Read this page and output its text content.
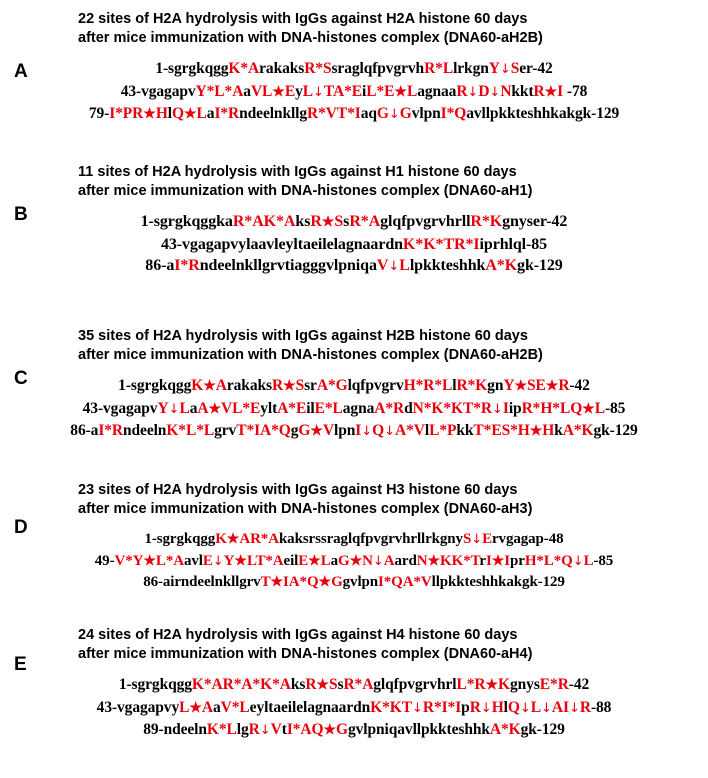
22 sites of H2A hydrolysis with IgGs against H2A histone 60 days
after mice immunization with DNA-histones complex (DNA60-aH2B)
1-sgrgkqggK*ArakaksR*SsraglqfpvgrvhR*LlrkgnY↓Ser-42
43-vgagapvY*L*AaVL★EyL↓TA*EiL*E★LagnaaR↓D↓NkktR★I -78
79-I*PR★HlQ★LaI*RndeelnkllgR*VT*IaqG↓GvlpnI*Qavllpkkteshhkakgk-129
A
11 sites of H2A hydrolysis with IgGs against H1 histone 60 days
after mice immunization with DNA-histones complex (DNA60-aH1)
1-sgrgkqggkaR*AK*AksR★SsR*AglqfpvgrvhrllR*Kgnyser-42
43-vgagapvylaavleyltaeilelagnaardnK*K*TR*Iiprhlql-85
86-aI*RndeelnkllgrvtiagggvlpniqaV↓LlpkkteshhkA*Kgk-129
B
35 sites of H2A hydrolysis with IgGs against H2B histone 60 days
after mice immunization with DNA-histones complex (DNA60-aH2B)
1-sgrgkqggK★ArakaksR★SsrA*GlqfpvgrvH*R*LlR*KgnY★SE★R-42
43-vgagapvY↓LaA★VL*EyltA*EilE*LagnaA*RdN*K*KT*R↓IipR*H*LQ★L-85
86-aI*RndeelnK*L*LgrvT*IA*QgG★VlpnI↓Q↓A*VlL*PkkT*ES*H★HkA*Kgk-129
C
23 sites of H2A hydrolysis with IgGs against H3 histone 60 days
after mice immunization with DNA-histones complex (DNA60-aH3)
1-sgrgkqggK★AR*AkaksrssraglqfpvgrvhrllrkgnyS↓Ervgagap-48
49-V*Y★L*AavlE↓Y★LT*AeilE★LaG★N↓AardN★KK*TrI★IprH*L*Q↓L-85
86-airndeelnkllgrvT★IA*Q★GgvlpnI*QA*Vllpkkteshhkakgk-129
D
24 sites of H2A hydrolysis with IgGs against H4 histone 60 days
after mice immunization with DNA-histones complex (DNA60-aH4)
1-sgrgkqggK*AR*A*K*AksR★SsR*AglqfpvgrvhrlL*R★KgnysE*R-42
43-vgagapvyL★AaV*LeyltaeilelagnaardnK*KT↓R*I*IpR↓HlQ↓L↓AI↓R-88
89-ndeelnK*LlgR↓VtI*AQ★GgvlpniqavllpkkteshhkA*Kgk-129
E
